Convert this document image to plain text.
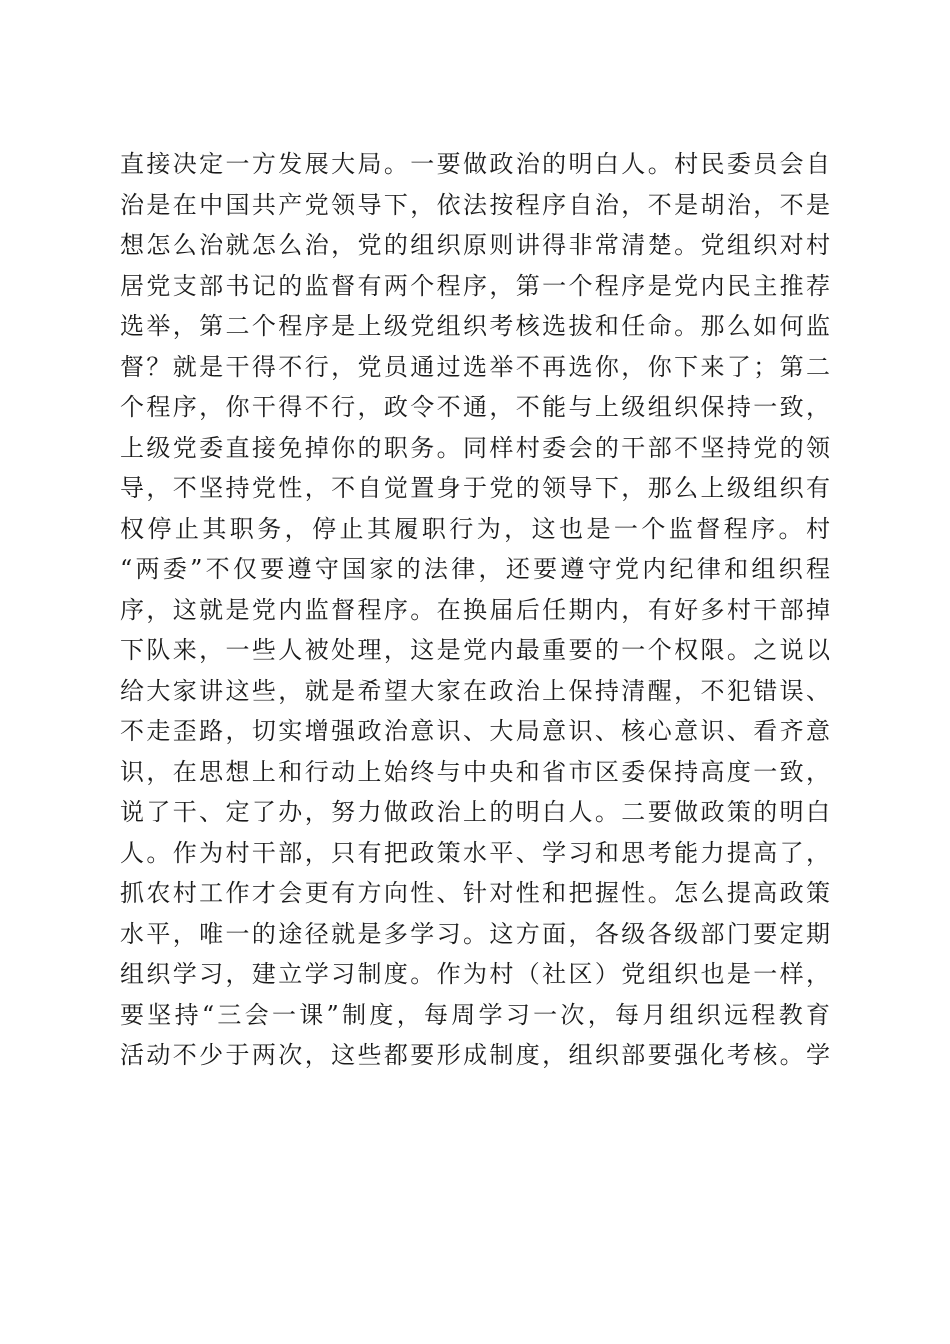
直接决定一方发展大局。一要做政治的明白人。村民委员会自
治是在中国共产党领导下，依法按程序自治，不是胡治，不是
想怎么治就怎么治，党的组织原则讲得非常清楚。党组织对村
居党支部书记的监督有两个程序，第一个程序是党内民主推荐
选举，第二个程序是上级党组织考核选拔和任命。那么如何监
督？就是干得不行，党员通过选举不再选你，你下来了；第二
个程序，你干得不行，政令不通，不能与上级组织保持一致，
上级党委直接免掉你的职务。同样村委会的干部不坚持党的领
导，不坚持党性，不自觉置身于党的领导下，那么上级组织有
权停止其职务，停止其履职行为，这也是一个监督程序。村
“两委”不仅要遵守国家的法律，还要遵守党内纪律和组织程
序，这就是党内监督程序。在换届后任期内，有好多村干部掉
下队来，一些人被处理，这是党内最重要的一个权限。之说以
给大家讲这些，就是希望大家在政治上保持清醒，不犯错误、
不走歪路，切实增强政治意识、大局意识、核心意识、看齐意
识，在思想上和行动上始终与中央和省市区委保持高度一致，
说了干、定了办，努力做政治上的明白人。二要做政策的明白
人。作为村干部，只有把政策水平、学习和思考能力提高了，
抓农村工作才会更有方向性、针对性和把握性。怎么提高政策
水平，唯一的途径就是多学习。这方面，各级各级部门要定期
组织学习，建立学习制度。作为村（社区）党组织也是一样，
要坚持“三会一课”制度，每周学习一次，每月组织远程教育
活动不少于两次，这些都要形成制度，组织部要强化考核。学
